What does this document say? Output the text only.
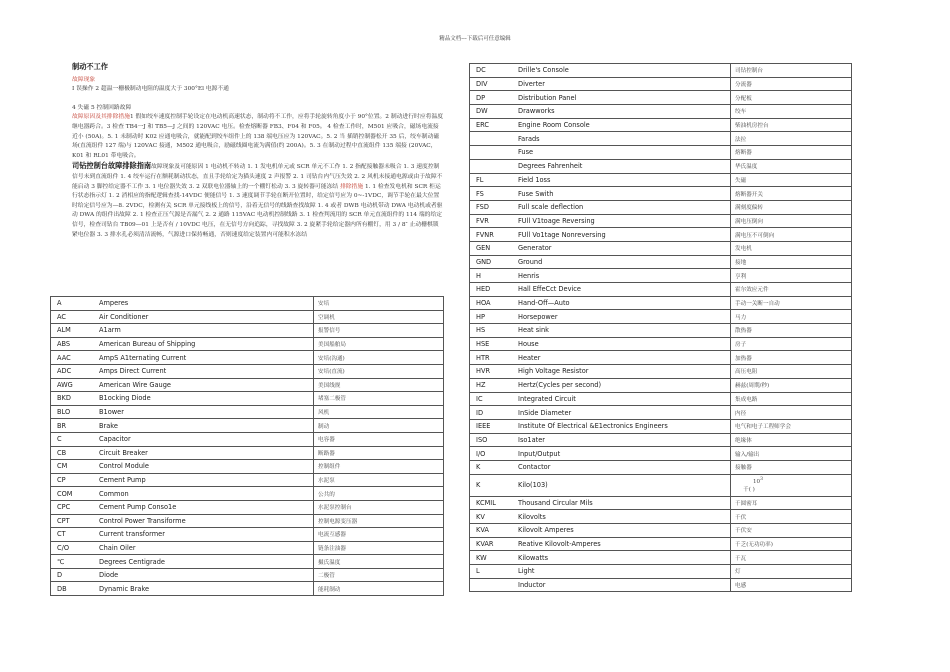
精品文档---下载后可任意编辑

制动不工作

故障现象

Ⅰ 误操作 2 超温一栅极制动电阻的温度大于 300°El 电源不通

4 失磁 5 控制回路故障

故障原因及其排除措施1 假如绞车速度控制手轮设定在电动机高速状态，制动将不工作，应将手轮旋转角度小于 90°位置。2 制动进行时应将温度继电器跨合。3 检查 TB4一J 和 TB5—J 之间的 120VAC 电压。检查熔断器 FB3、F04 和 F05。 4 检查工作时，M501 应吸合，磁场电流接近小 (50A)。5. 1 未制动时 K02 应通电吸合，就能配到绞车组件上的 138 端电压应为 120VAC。5. 2 当 插销控制器松开 35 后，绞车制动磁场(直流组件 127 端)与 120VAC 接通，M502 通电吸合，励磁线圈电流为满值(约 200A)。5. 3 在制动过程中直流组件 135 端接 (20VAC，K01 和 RL01 带电吸合。

司钻控制台故障排除指南故障现象及可能原因 1 电动机不转动 1. 1 发电机单元或 SCR 单元不工作 1. 2 指配接触器未吸合 1. 3 速度控制信号未到直流组件 1. 4 绞车运行在额耗制动状态，直且手轮给定为猫头速度 2 声报警 2. 1 司钻台内气压失效 2. 2 风机未接通电源或由于故障不能启动 3 脚控给定器不工作 3. 1 电位器失效 3. 2 双联电位器轴上的一个棚钉松动 3. 3 旋转器可能冻结 排除措施 1. 1 检查发电机和 SCR 柜运行状态指示灯 1. 2 消相应的指配逻辑查找-14VDC 便能信号 1. 3 速度调节手轮在断开位置时，给定信号应为 0~-1VDC，调节手轮在最大位置时给定信号应为—8. 2VDC，检测有关 SCR 单元接线板上的信号，沿着无信号的线路查找故障 1. 4 或者 DWB 电动机带动 DWA 电动机或者驱动 DWA 的组件出故障 2. 1 检查正压气源是否漏气 2. 2 通路 115VAC 电动机控制线路 3. 1 检查判流用的 SCR 单元直流组件的 114 端的给定信号，检查司钻台 TB09—01 上是否有 / 10VDC 电压，在无信号方向追踪，寻找故障 3. 2 旋紧手轮给定器内所有棚钉，用 3 / 8″ 止动栅棋锁紧电位器 3. 3 排水孔必须清洁流畅，气源进口保持畅通，否则速度给定装置内可能积水冻结

A Amperes	安培
AC Air Conditioner	空调机
ALM A1arm	报警信号
ABS American Bureau of Shipping	美国船舶局
AAC AmpS A1ternating Current	安培(沟通)
ADC Amps Direct Current	安培(直流)
AWG American Wire Gauge	美国线规
BKD B1ocking Diode	堵塞二极管
BLO B1ower	风机
BR Brake	制动
C Capacitor	电容器
CB Circuit Breaker	断路器
CM Control Module	控制组件
CP Cement Pump	水泥泵
COM Common	公共的
CPC Cement Pump Conso1e	水泥泵控制台
CPT Control Power Transiforme	控制电源变压器
CT Current transformer	电流互感器
C/O Chain Oiler	链条注油器
℃ Degrees Centigrade	摄氏温度
D Diode	二极管
DB Dynamic Brake	能耗制动
DC Drille's Console	司钻控制台
DIV Diverter	分流器
DP Distribution Panel	分配板
DW Drawworks	绞车
ERC Engine Room Console	柴油机房控台
Farads	法拉
Fuse	熔断器
Degrees Fahrenheit	华氏温度
FL Field 1oss	失磁
FS Fuse Swith	熔断器开关
FSD Full scale deflection	满刻度偏转
FVR FUll V1toage Reversing	满电压倒向
FVNR FUll Vo1tage Nonreversing	满电压不可倒向
GEN Generator	发电机
GND Ground	接地
H Henris	亨利
HED Hall EffeCct Device	霍尔效应元件
HOA Hand-Off—Auto	手动一关断一自动
HP Horsepower	马力
HS Heat sink	散热器
HSE House	房子
HTR Heater	加热器
HVR High Voltage Resistor	高压电阻
HZ Hertz(Cycles per second)	赫兹(周期/秒)
IC Integrated Circuit	集成电路
ID InSide Diameter	内径
IEEE Institute Of Electrical &E1ectronics Engineers	电气和电子工程师学会
ISO Iso1ater	绝缘体
I/O Input/Output	输入/输出
K Contactor	接触器
K Kilo(103)	$10^3$
千( )
KCMIL Thousand Circular Mils	千圆密耳
KV Kilovolts	千伏
KVA Kilovolt Amperes	千伏安
KVAR Reative Kilovolt-Amperes	千乏(无功功率)
KW Kilowatts	千瓦
L Light	灯
Inductor	电感
